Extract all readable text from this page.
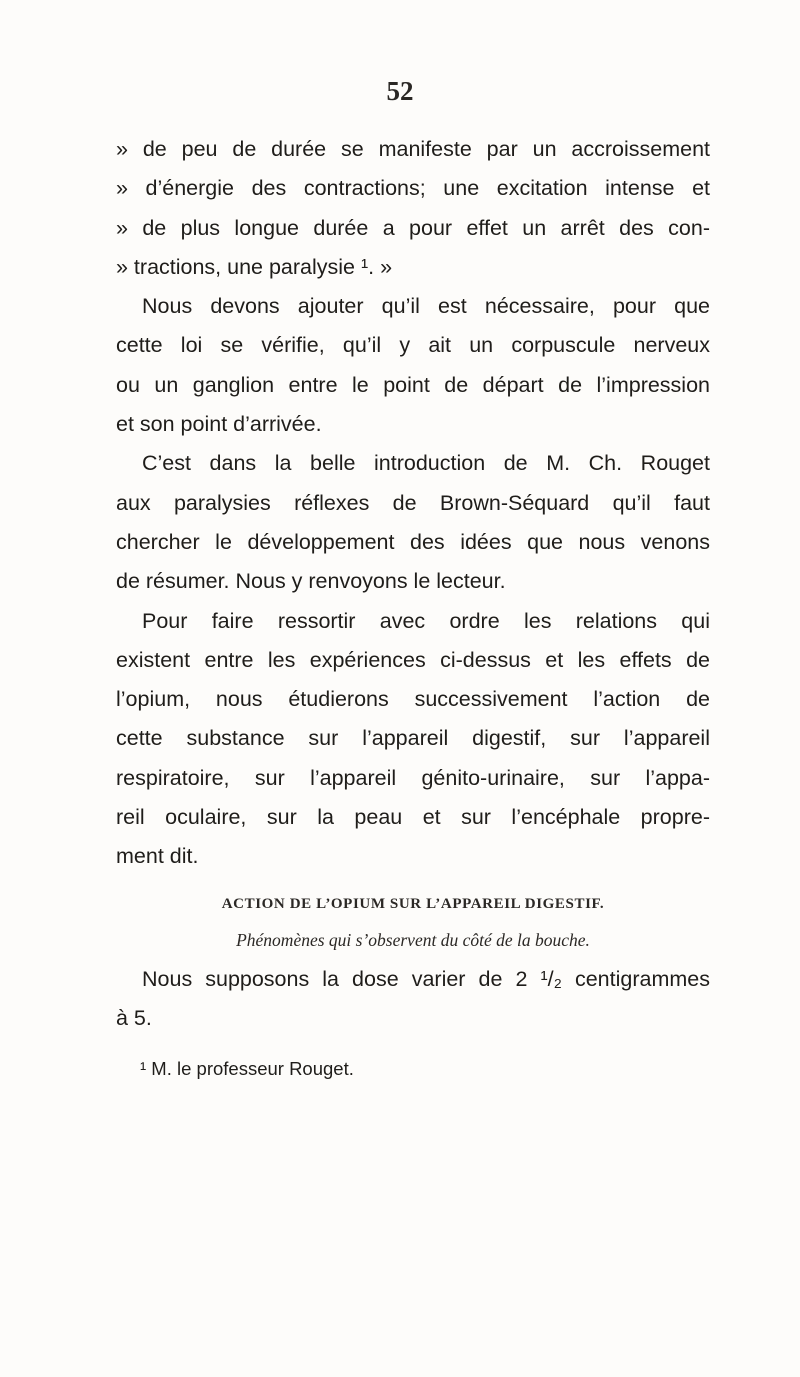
52
» de peu de durée se manifeste par un accroissement
» d’énergie des contractions; une excitation intense et
» de plus longue durée a pour effet un arrêt des con-
» tractions, une paralysie ¹. »
Nous devons ajouter qu’il est nécessaire, pour que
cette loi se vérifie, qu’il y ait un corpuscule nerveux
ou un ganglion entre le point de départ de l’impression
et son point d’arrivée.
C’est dans la belle introduction de M. Ch. Rouget
aux paralysies réflexes de Brown-Séquard qu’il faut
chercher le développement des idées que nous venons
de résumer. Nous y renvoyons le lecteur.
Pour faire ressortir avec ordre les relations qui
existent entre les expériences ci-dessus et les effets de
l’opium, nous étudierons successivement l’action de
cette substance sur l’appareil digestif, sur l’appareil
respiratoire, sur l’appareil génito-urinaire, sur l’appa-
reil oculaire, sur la peau et sur l’encéphale propre-
ment dit.
ACTION DE L’OPIUM SUR L’APPAREIL DIGESTIF.
Phénomènes qui s’observent du côté de la bouche.
Nous supposons la dose varier de 2 ¹/₂ centigrammes
à 5.
¹ M. le professeur Rouget.
